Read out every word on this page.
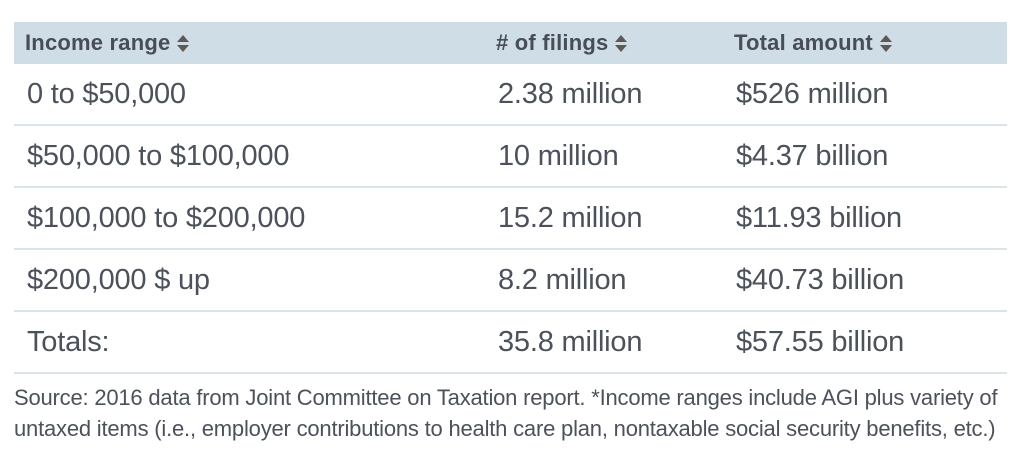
Income range	# of filings	Total amount

0 to $50,000	2.38 million	$526 million
$50,000 to $100,000	10 million	$4.37 billion
$100,000 to $200,000	15.2 million	$11.93 billion
$200,000 $ up	8.2 million	$40.73 billion
Totals:	35.8 million	$57.55 billion

Source: 2016 data from Joint Committee on Taxation report. *Income ranges include AGI plus variety of untaxed items (i.e., employer contributions to health care plan, nontaxable social security benefits, etc.)
